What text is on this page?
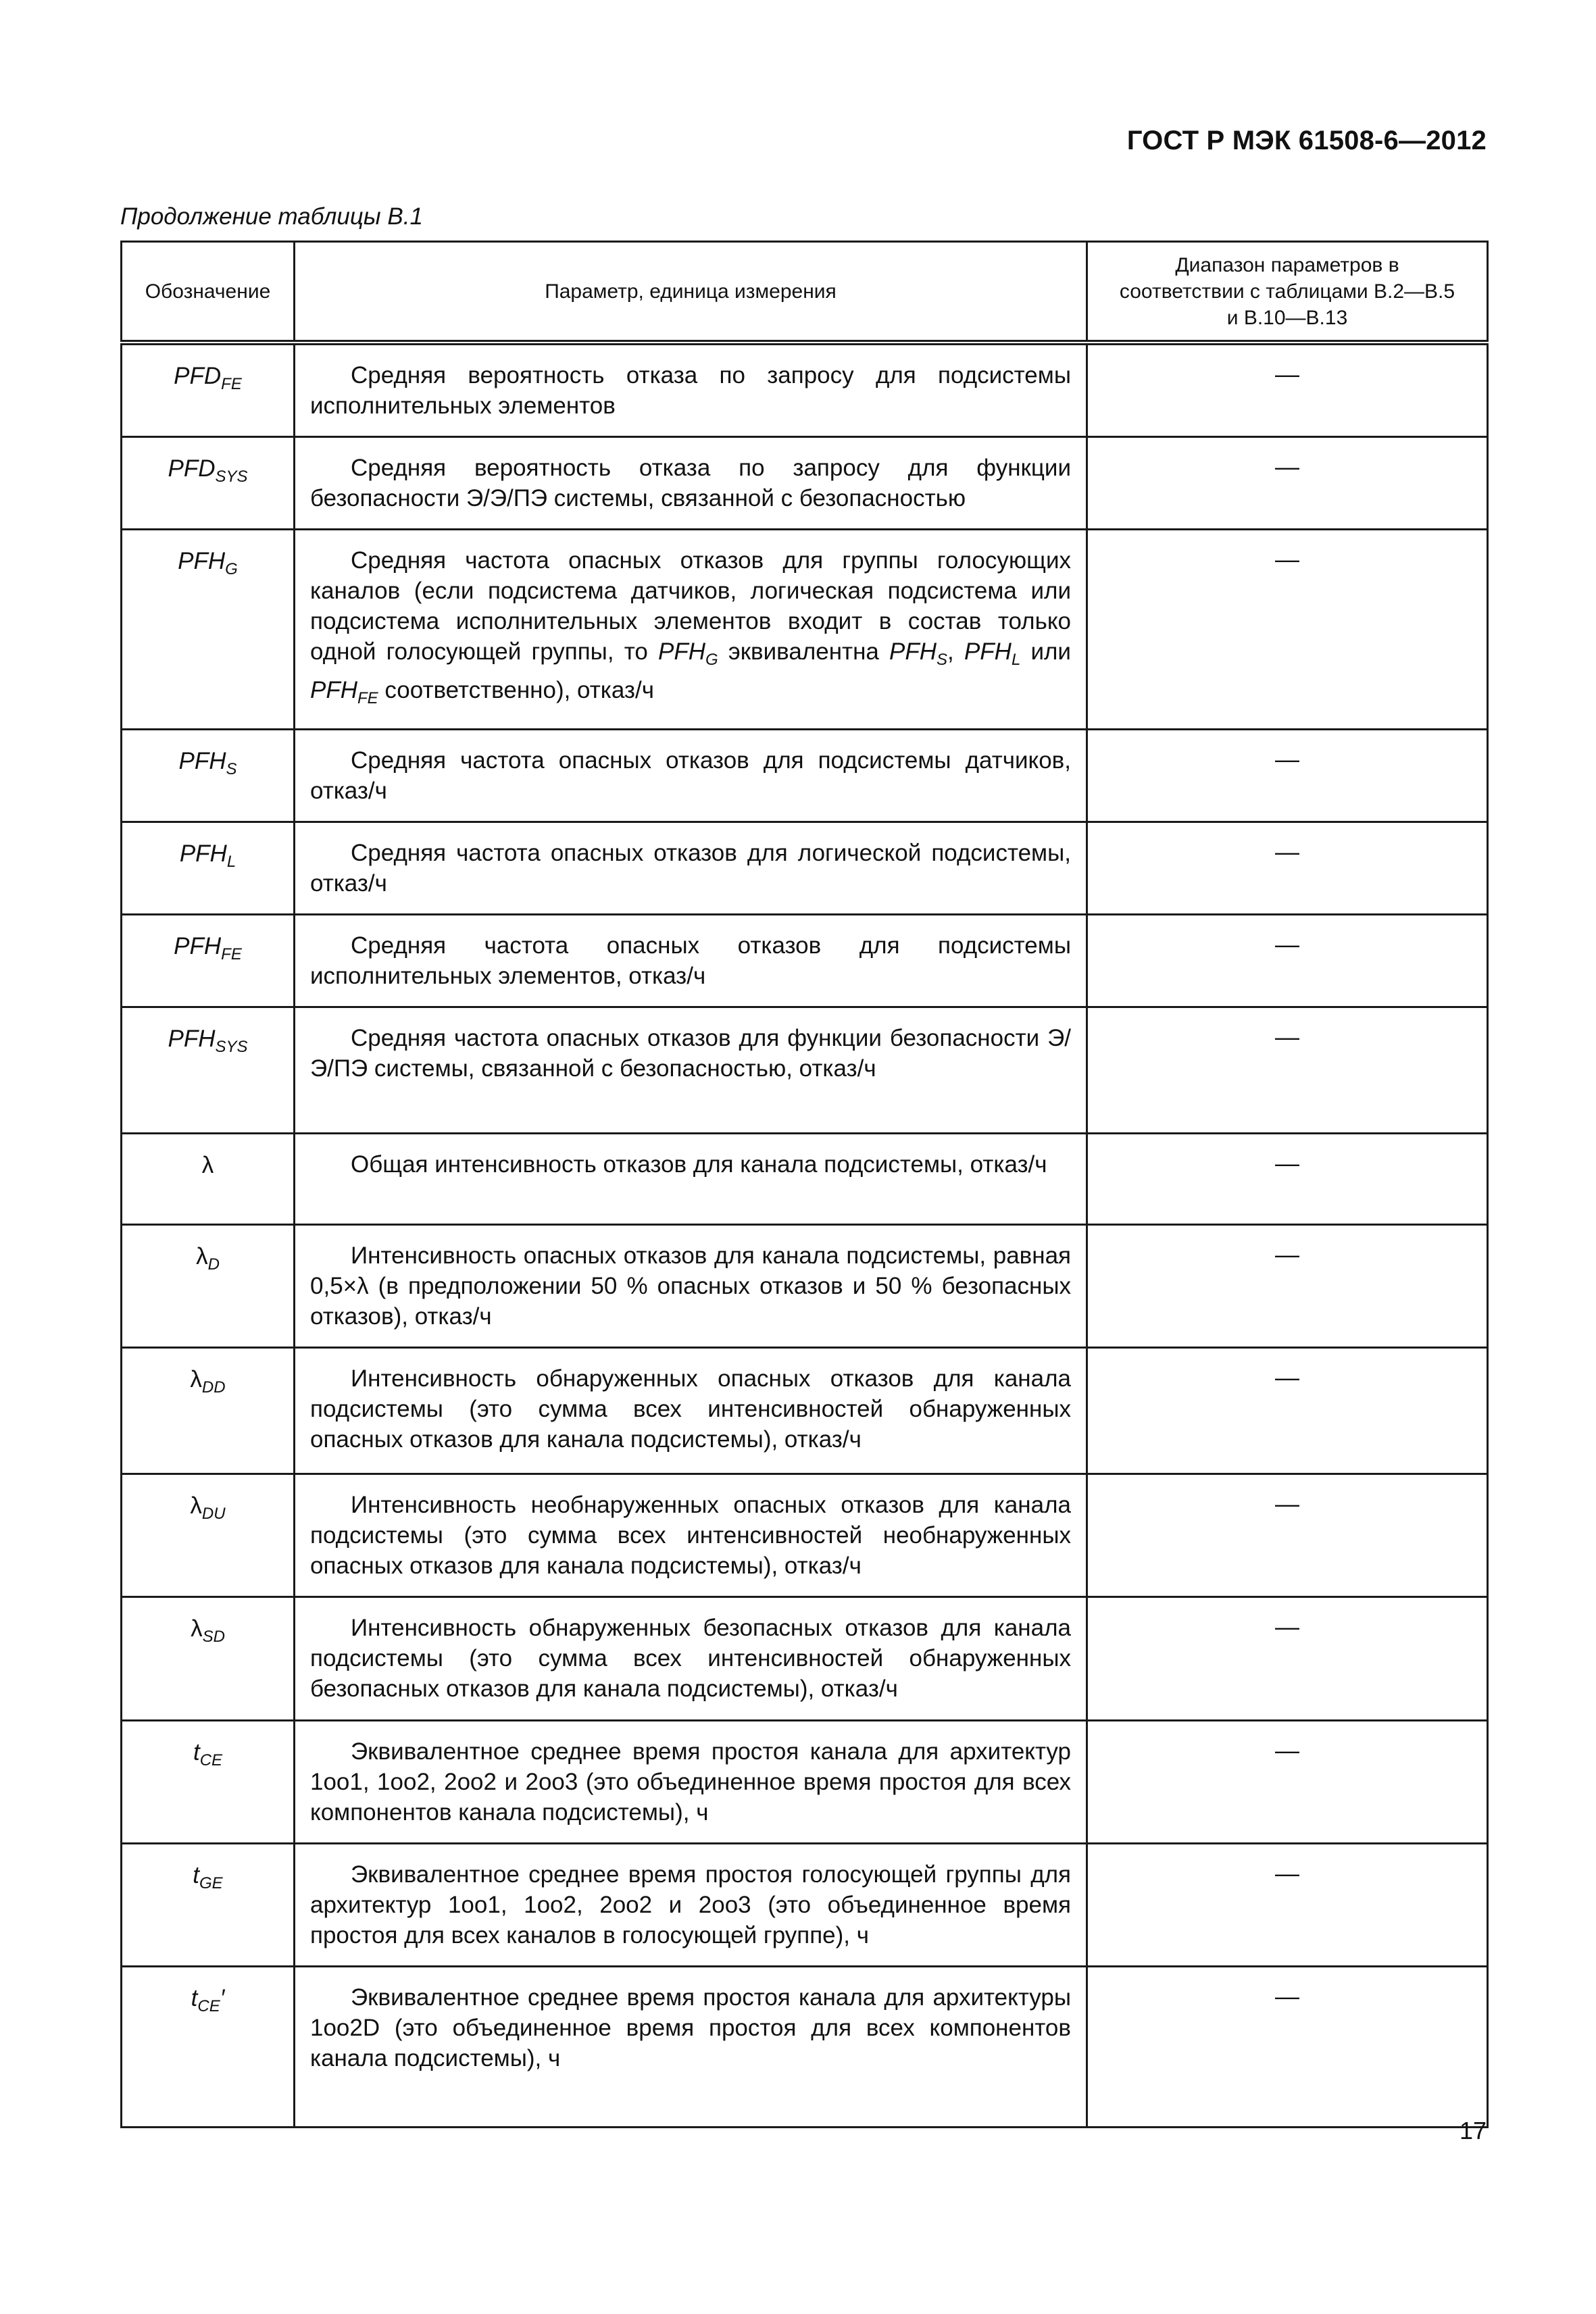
ГОСТ Р МЭК 61508-6—2012
Продолжение таблицы B.1
Обозначение	Параметр, единица измерения	Диапазон параметров в соответствии с таблицами B.2—B.5 и B.10—B.13
$PFD_{FE}$	Средняя вероятность отказа по запросу для подсистемы исполнительных элементов	—
$PFD_{SYS}$	Средняя вероятность отказа по запросу для функции безопасности Э/Э/ПЭ системы, связанной с безопасностью	—
$PFH_G$	Средняя частота опасных отказов для группы голосующих каналов (если подсистема датчиков, логическая подсистема или подсистема исполнительных элементов входит в состав только одной голосующей группы, то $PFH_G$ эквивалентна $PFH_S$, $PFH_L$ или $PFH_{FE}$ соответственно), отказ/ч	—
$PFH_S$	Средняя частота опасных отказов для подсистемы датчиков, отказ/ч	—
$PFH_L$	Средняя частота опасных отказов для логической подсистемы, отказ/ч	—
$PFH_{FE}$	Средняя частота опасных отказов для подсистемы исполнительных элементов, отказ/ч	—
$PFH_{SYS}$	Средняя частота опасных отказов для функции безопасности Э/Э/ПЭ системы, связанной с безопасностью, отказ/ч	—
λ	Общая интенсивность отказов для канала подсистемы, отказ/ч	—
$\lambda_D$	Интенсивность опасных отказов для канала подсистемы, равная 0,5×λ (в предположении 50 % опасных отказов и 50 % безопасных отказов), отказ/ч	—
$\lambda_{DD}$	Интенсивность обнаруженных опасных отказов для канала подсистемы (это сумма всех интенсивностей обнаруженных опасных отказов для канала подсистемы), отказ/ч	—
$\lambda_{DU}$	Интенсивность необнаруженных опасных отказов для канала подсистемы (это сумма всех интенсивностей необнаруженных опасных отказов для канала подсистемы), отказ/ч	—
$\lambda_{SD}$	Интенсивность обнаруженных безопасных отказов для канала подсистемы (это сумма всех интенсивностей обнаруженных безопасных отказов для канала подсистемы), отказ/ч	—
$t_{CE}$	Эквивалентное среднее время простоя канала для архитектур 1oo1, 1oo2, 2oo2 и 2oo3 (это объединенное время простоя для всех компонентов канала подсистемы), ч	—
$t_{GE}$	Эквивалентное среднее время простоя голосующей группы для архитектур 1oo1, 1oo2, 2oo2 и 2oo3 (это объединенное время простоя для всех каналов в голосующей группе), ч	—
$t_{CE}'$	Эквивалентное среднее время простоя канала для архитектуры 1oo2D (это объединенное время простоя для всех компонентов канала подсистемы), ч	—
17
